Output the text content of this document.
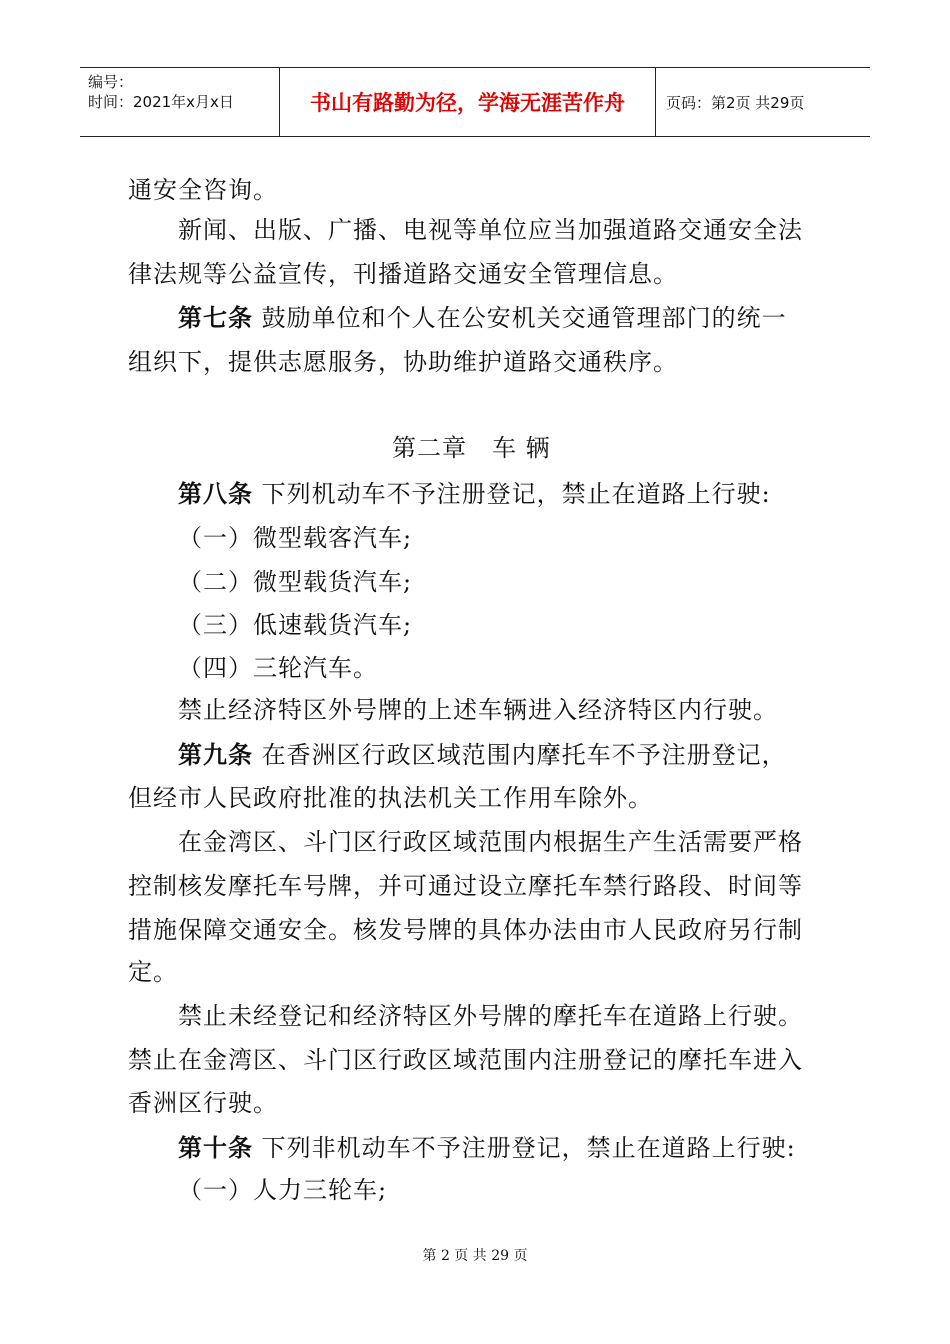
编号：
时间：2021年x月x日	书山有路勤为径，学海无涯苦作舟	页码：第2页 共29页
通安全咨询。
新闻、出版、广播、电视等单位应当加强道路交通安全法
律法规等公益宣传，刊播道路交通安全管理信息。
第七条 鼓励单位和个人在公安机关交通管理部门的统一
组织下，提供志愿服务，协助维护道路交通秩序。
第二章　车 辆
第八条 下列机动车不予注册登记，禁止在道路上行驶:
（一）微型载客汽车;
（二）微型载货汽车;
（三）低速载货汽车;
（四）三轮汽车。
禁止经济特区外号牌的上述车辆进入经济特区内行驶。
第九条 在香洲区行政区域范围内摩托车不予注册登记，
但经市人民政府批准的执法机关工作用车除外。
在金湾区、斗门区行政区域范围内根据生产生活需要严格
控制核发摩托车号牌，并可通过设立摩托车禁行路段、时间等
措施保障交通安全。核发号牌的具体办法由市人民政府另行制
定。
禁止未经登记和经济特区外号牌的摩托车在道路上行驶。
禁止在金湾区、斗门区行政区域范围内注册登记的摩托车进入
香洲区行驶。
第十条 下列非机动车不予注册登记，禁止在道路上行驶:
（一）人力三轮车;
第 2 页 共 29 页
